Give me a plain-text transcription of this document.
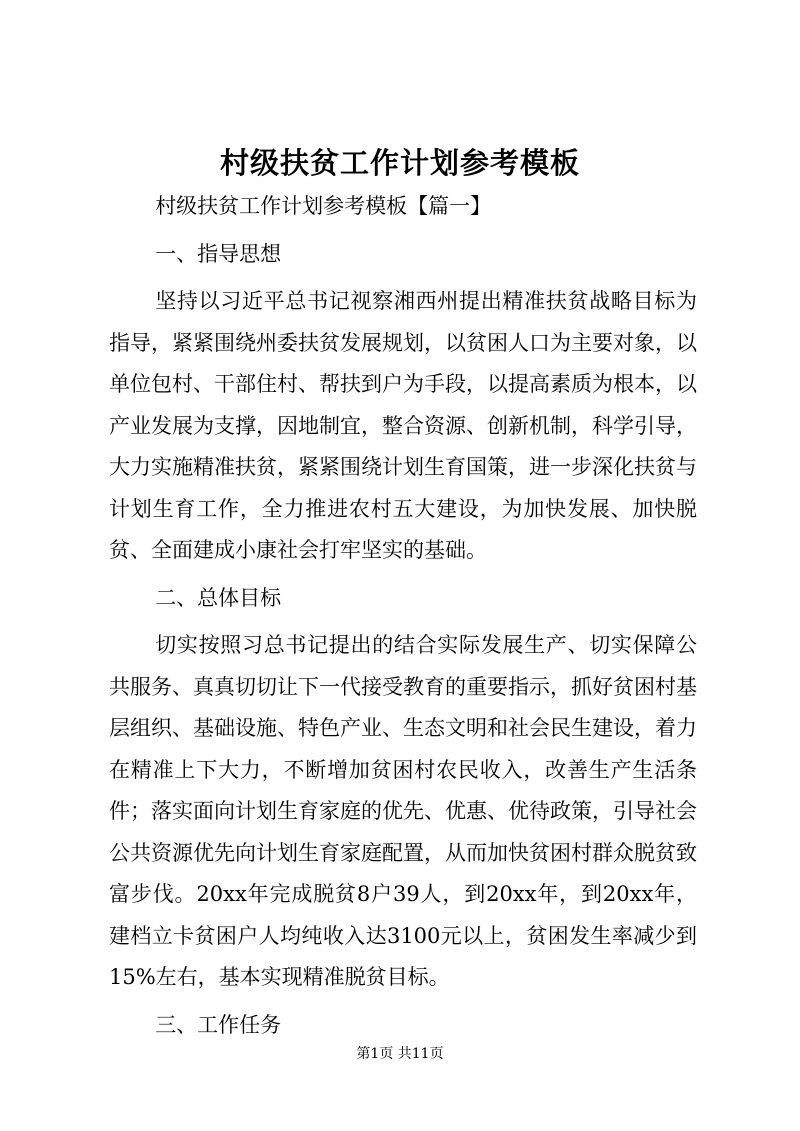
村级扶贫工作计划参考模板

村级扶贫工作计划参考模板【篇一】

一、指导思想

坚持以习近平总书记视察湘西州提出精准扶贫战略目标为指导，紧紧围绕州委扶贫发展规划，以贫困人口为主要对象，以单位包村、干部住村、帮扶到户为手段，以提高素质为根本，以产业发展为支撑，因地制宜，整合资源、创新机制，科学引导，大力实施精准扶贫，紧紧围绕计划生育国策，进一步深化扶贫与计划生育工作，全力推进农村五大建设，为加快发展、加快脱贫、全面建成小康社会打牢坚实的基础。

二、总体目标

切实按照习总书记提出的结合实际发展生产、切实保障公共服务、真真切切让下一代接受教育的重要指示，抓好贫困村基层组织、基础设施、特色产业、生态文明和社会民生建设，着力在精准上下大力，不断增加贫困村农民收入，改善生产生活条件；落实面向计划生育家庭的优先、优惠、优待政策，引导社会公共资源优先向计划生育家庭配置，从而加快贫困村群众脱贫致富步伐。20xx年完成脱贫8户39人，到20xx年，到20xx年，建档立卡贫困户人均纯收入达3100元以上，贫困发生率减少到15%左右，基本实现精准脱贫目标。

三、工作任务

第1页 共11页
